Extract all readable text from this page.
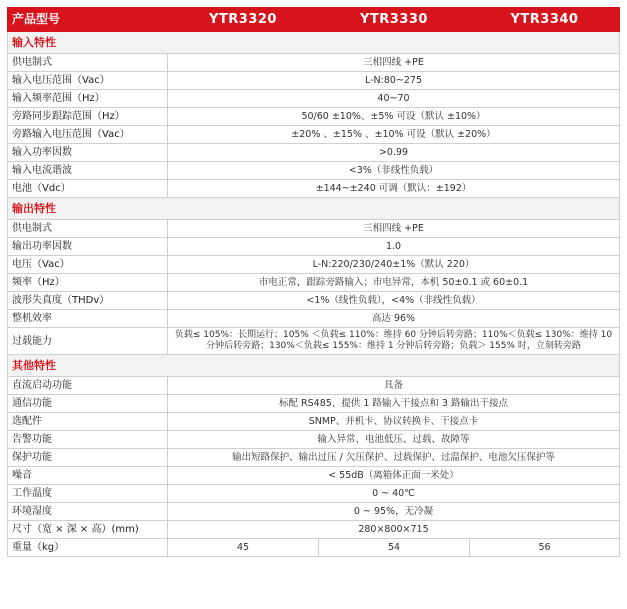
产品型号	YTR3320	YTR3330	YTR3340
输入特性			
供电制式	三相四线 +PE		
输入电压范围（Vac）	L-N:80~275		
输入频率范围（Hz）	40~70		
旁路同步跟踪范围（Hz）	50/60 ±10%、±5% 可设（默认 ±10%）		
旁路输入电压范围（Vac）	±20% 、±15% 、±10% 可设（默认 ±20%）		
输入功率因数	>0.99		
输入电流谐波	<3%（非线性负载）		
电池（Vdc）	±144~±240 可调（默认：±192）		
输出特性			
供电制式	三相四线 +PE		
输出功率因数	1.0		
电压（Vac）	L-N:220/230/240±1%（默认 220）		
频率（Hz）	市电正常，跟踪旁路输入；市电异常，本机 50±0.1 或 60±0.1		
波形失真度（THDv）	<1%（线性负载），<4%（非线性负载）		
整机效率	高达 96%		
过载能力	负载≤ 105%：长期运行；105% ＜负载≤ 110%：维持 60 分钟后转旁路；110%＜负载≤ 130%：维持 10 分钟后转旁路；130%＜负载≤ 155%：维持 1 分钟后转旁路；负载＞ 155% 时，立刻转旁路		
其他特性			
直流启动功能	具备		
通信功能	标配 RS485、提供 1 路输入干接点和 3 路输出干接点		
选配件	SNMP、并机卡、协议转换卡、干接点卡		
告警功能	输入异常、电池低压、过载、故障等		
保护功能	输出短路保护、输出过压 / 欠压保护、过载保护、过温保护、电池欠压保护等		
噪音	< 55dB（离箱体正面一米处）		
工作温度	0 ~ 40℃		
环境湿度	0 ~ 95%，无冷凝		
尺寸（宽 × 深 × 高）(mm)	280×800×715		
重量（kg）	45	54	56
